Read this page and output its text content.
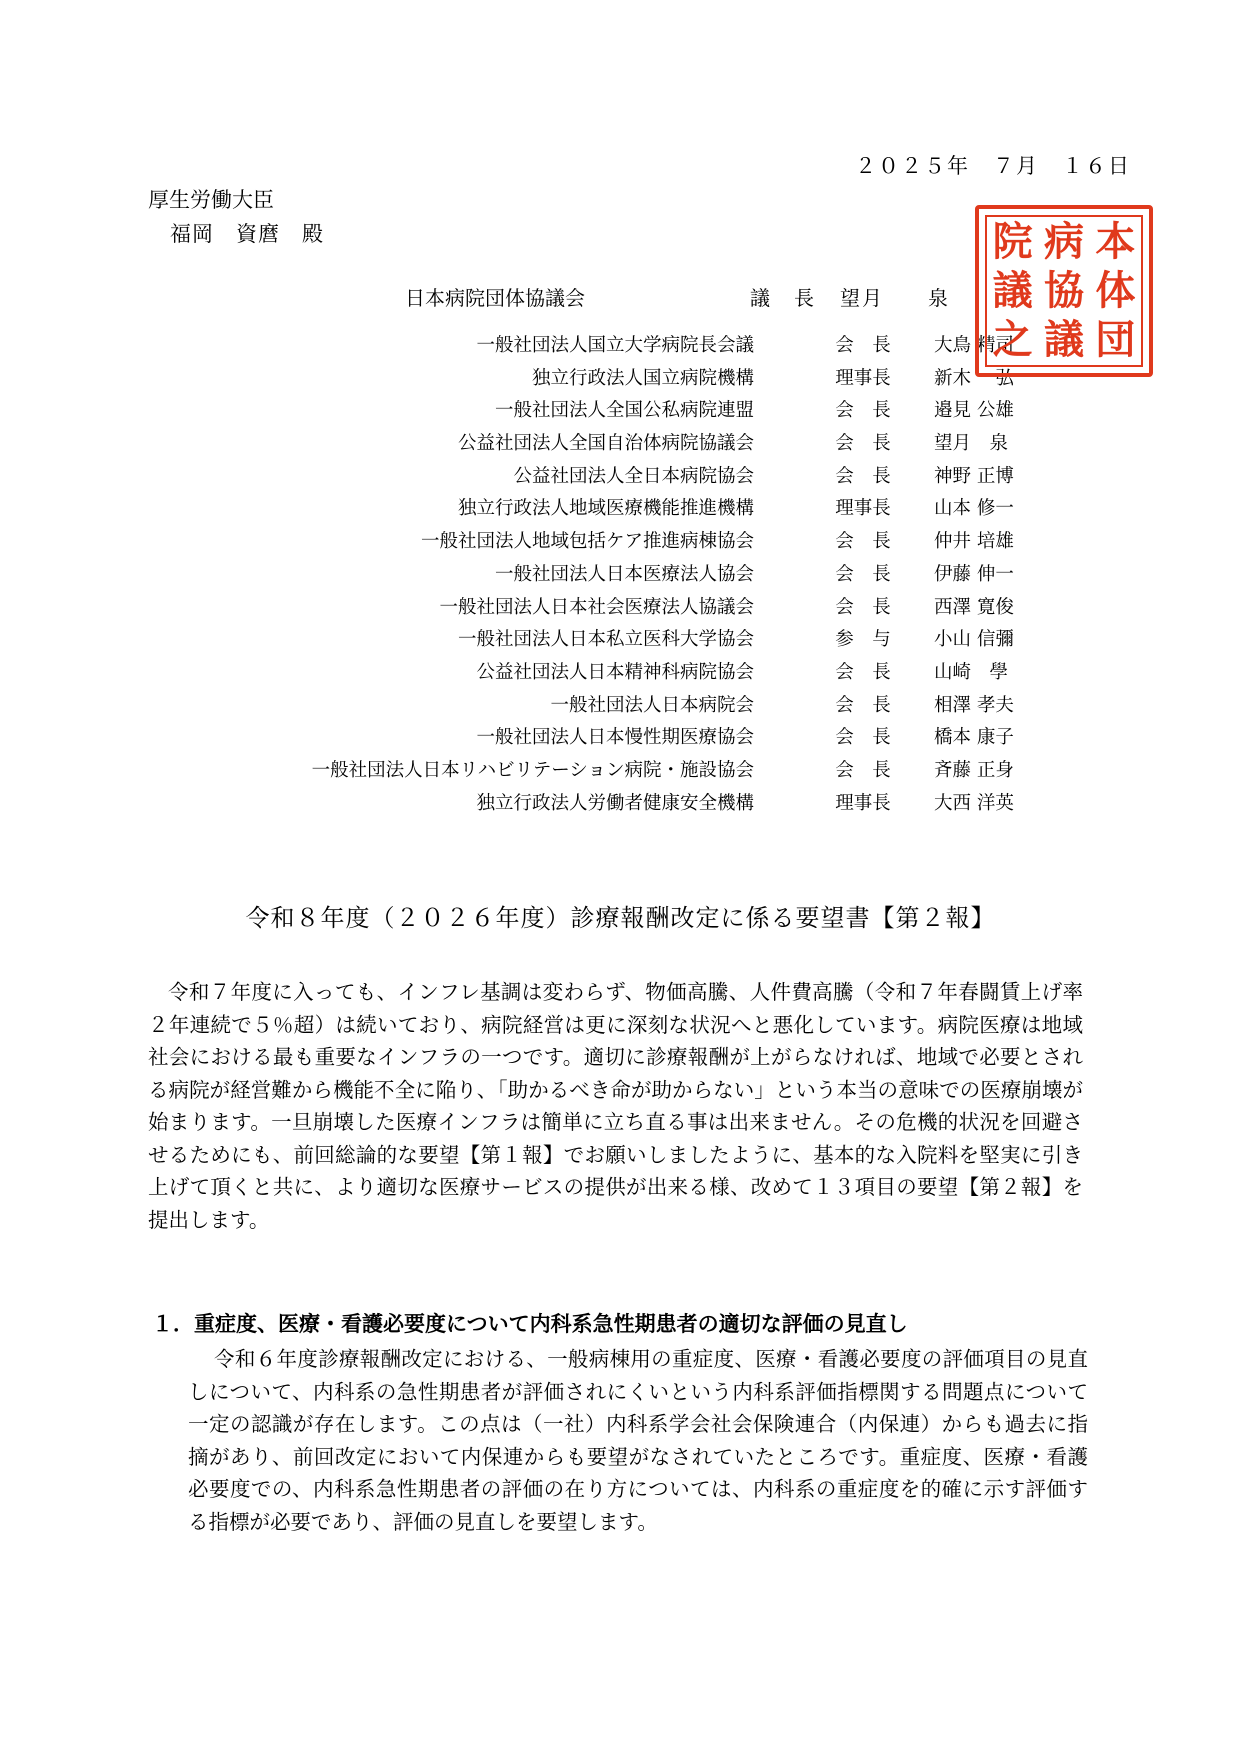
２０２５年　７月　１６日
厚生労働大臣
福岡　資麿　殿
日本病院団体協議会	議　長 望月　　泉
一般社団法人国立大学病院長会議	会　長	大鳥 精司
独立行政法人国立病院機構	理事長	新木 一弘
一般社団法人全国公私病院連盟	会　長	邉見 公雄
公益社団法人全国自治体病院協議会	会　長	望月　泉
公益社団法人全日本病院協会	会　長	神野 正博
独立行政法人地域医療機能推進機構	理事長	山本 修一
一般社団法人地域包括ケア推進病棟協会	会　長	仲井 培雄
一般社団法人日本医療法人協会	会　長	伊藤 伸一
一般社団法人日本社会医療法人協議会	会　長	西澤 寛俊
一般社団法人日本私立医科大学協会	参　与	小山 信彌
公益社団法人日本精神科病院協会	会　長	山崎　學
一般社団法人日本病院会	会　長	相澤 孝夫
一般社団法人日本慢性期医療協会	会　長	橋本 康子
一般社団法人日本リハビリテーション病院・施設協会	会　長	斉藤 正身
独立行政法人労働者健康安全機構	理事長	大西 洋英
院 病 本
議 協 体
之 議 団
令和８年度（２０２６年度）診療報酬改定に係る要望書【第２報】
令和７年度に入っても、インフレ基調は変わらず、物価高騰、人件費高騰（令和７年春闘賃上げ率２年連続で５％超）は続いており、病院経営は更に深刻な状況へと悪化しています。病院医療は地域社会における最も重要なインフラの一つです。適切に診療報酬が上がらなければ、地域で必要とされる病院が経営難から機能不全に陥り、「助かるべき命が助からない」という本当の意味での医療崩壊が始まります。一旦崩壊した医療インフラは簡単に立ち直る事は出来ません。その危機的状況を回避させるためにも、前回総論的な要望【第１報】でお願いしましたように、基本的な入院料を堅実に引き上げて頂くと共に、より適切な医療サービスの提供が出来る様、改めて１３項目の要望【第２報】を提出します。
１．重症度、医療・看護必要度について内科系急性期患者の適切な評価の見直し
令和６年度診療報酬改定における、一般病棟用の重症度、医療・看護必要度の評価項目の見直しについて、内科系の急性期患者が評価されにくいという内科系評価指標関する問題点について一定の認識が存在します。この点は（一社）内科系学会社会保険連合（内保連）からも過去に指摘があり、前回改定において内保連からも要望がなされていたところです。重症度、医療・看護必要度での、内科系急性期患者の評価の在り方については、内科系の重症度を的確に示す評価する指標が必要であり、評価の見直しを要望します。
